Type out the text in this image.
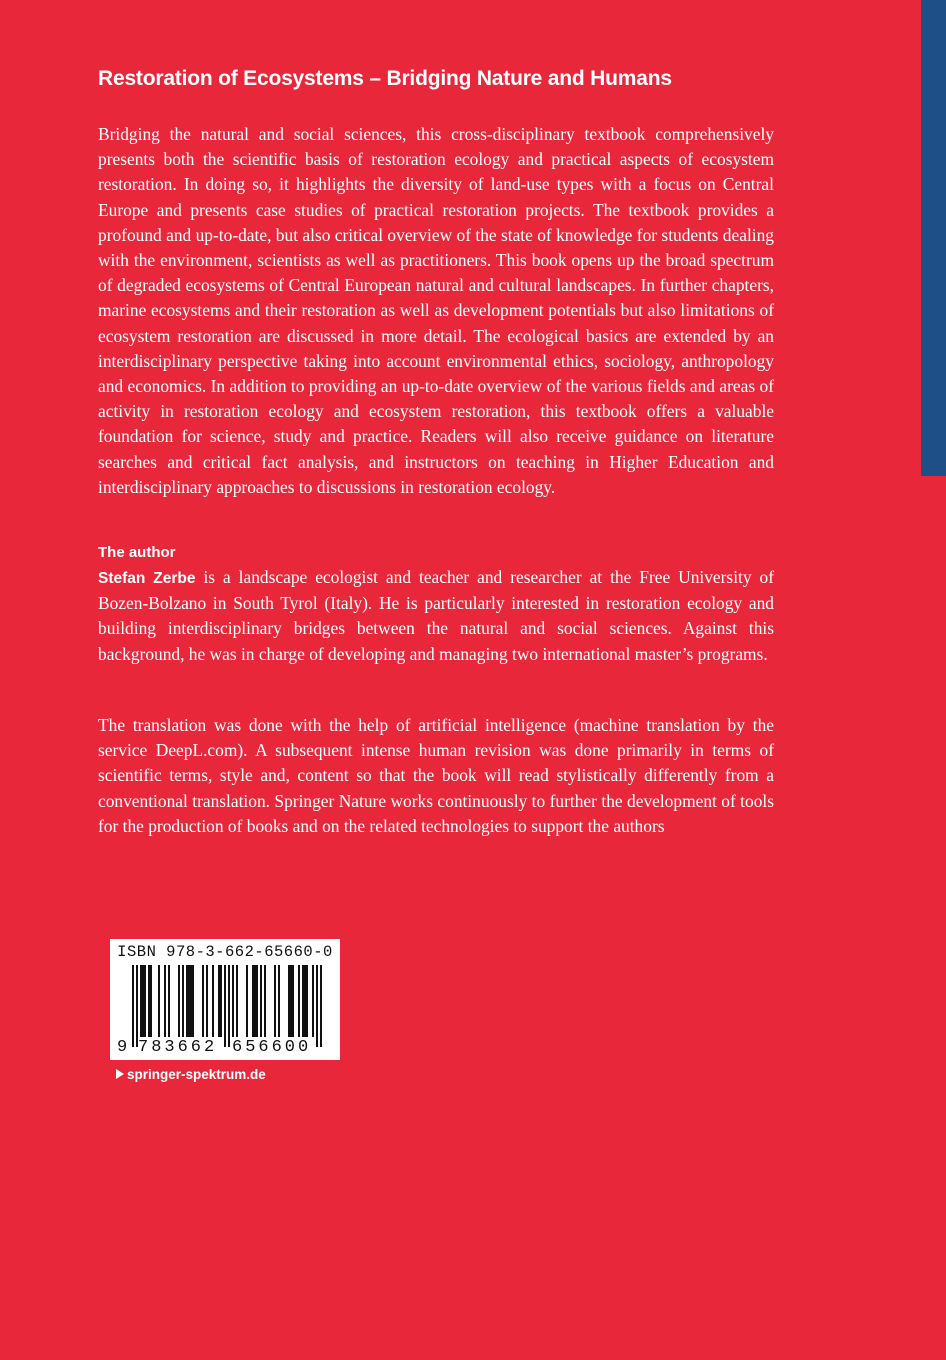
Restoration of Ecosystems – Bridging Nature and Humans

Bridging the natural and social sciences, this cross-disciplinary textbook comprehensively presents both the scientific basis of restoration ecology and practical aspects of ecosystem restoration. In doing so, it highlights the diversity of land-use types with a focus on Central Europe and presents case studies of practical restoration projects. The textbook provides a profound and up-to-date, but also critical overview of the state of knowledge for students dealing with the environment, scientists as well as practitioners. This book opens up the broad spectrum of degraded ecosystems of Central European natural and cultural landscapes. In further chapters, marine ecosystems and their restoration as well as development potentials but also limitations of ecosystem restoration are discussed in more detail. The ecological basics are extended by an interdisciplinary perspective taking into account environmental ethics, sociology, anthropology and economics. In addition to providing an up-to-date overview of the various fields and areas of activity in restoration ecology and ecosystem restoration, this textbook offers a valuable foundation for science, study and practice. Readers will also receive guidance on literature searches and critical fact analysis, and instructors on teaching in Higher Education and interdisciplinary approaches to discussions in restoration ecology.

The author

Stefan Zerbe is a landscape ecologist and teacher and researcher at the Free University of Bozen-Bolzano in South Tyrol (Italy). He is particularly interested in restoration ecology and building interdisciplinary bridges between the natural and social sciences. Against this background, he was in charge of developing and managing two international master’s programs.

The translation was done with the help of artificial intelligence (machine translation by the service DeepL.com). A subsequent intense human revision was done primarily in terms of scientific terms, style and, content so that the book will read stylistically differently from a conventional translation. Springer Nature works continuously to further the development of tools for the production of books and on the related technologies to support the authors

ISBN 978-3-662-65660-0
9 783662 656600
springer-spektrum.de
